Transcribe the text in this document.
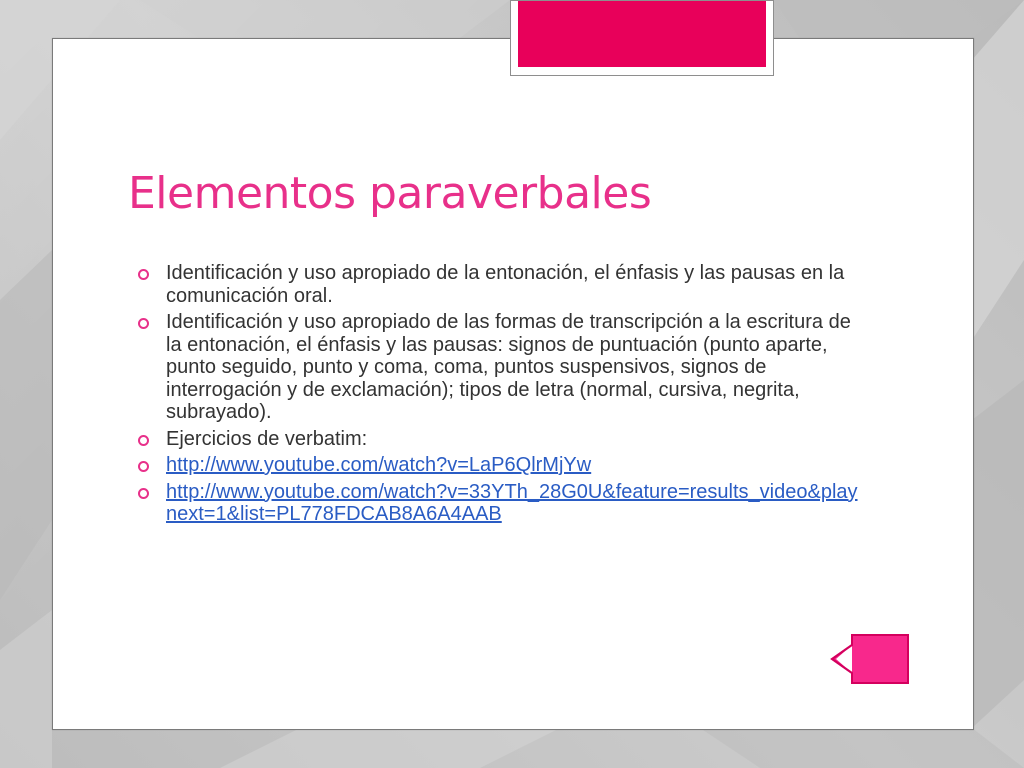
Elementos paraverbales
Identificación y uso apropiado de la entonación, el énfasis y las pausas en la comunicación oral.
Identificación y uso apropiado de las formas de transcripción a la escritura de la entonación, el énfasis y las pausas: signos de puntuación (punto aparte, punto seguido, punto y coma, coma, puntos suspensivos, signos de interrogación y de exclamación); tipos de letra (normal, cursiva, negrita, subrayado).
Ejercicios de verbatim:
http://www.youtube.com/watch?v=LaP6QlrMjYw
http://www.youtube.com/watch?v=33YTh_28G0U&feature=results_video&playnext=1&list=PL778FDCAB8A6A4AAB
